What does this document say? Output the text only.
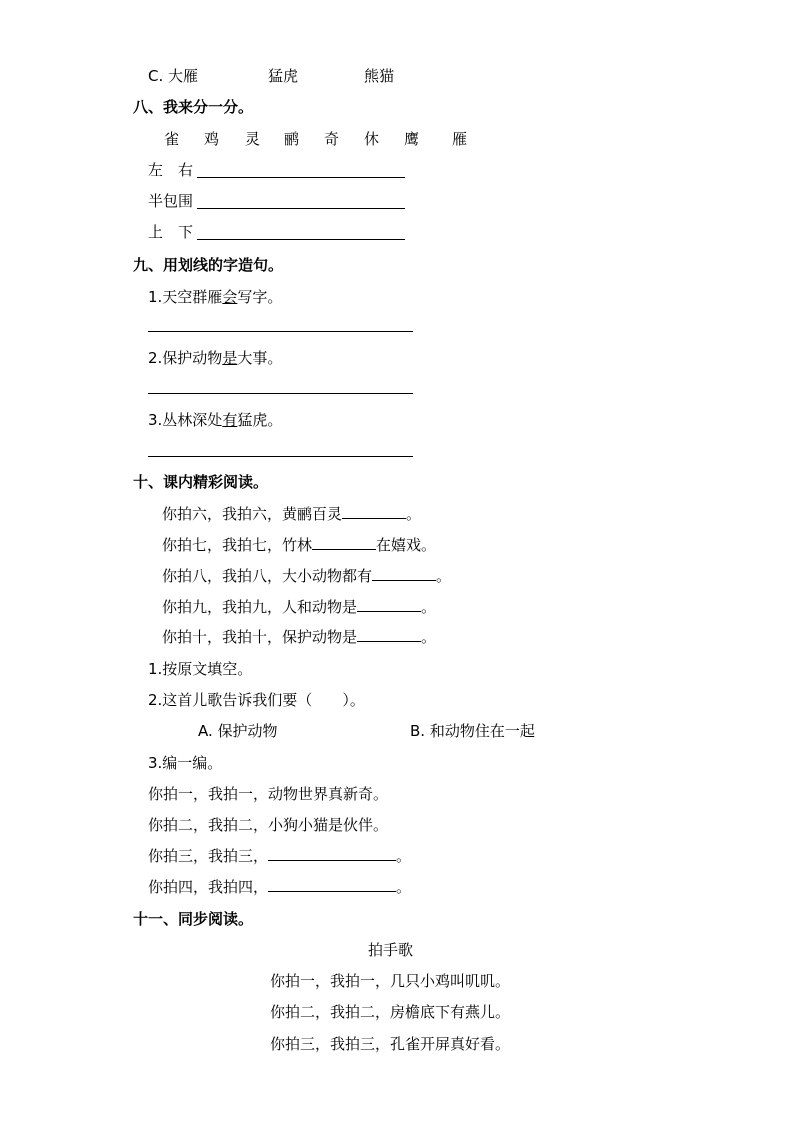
C. 大雁	猛虎	熊猫
八、我来分一分。
雀 鸡 灵 鹂 奇 休 鹰 雁
左　右
半包围
上　下
九、用划线的字造句。
1.天空群雁会写字。
2.保护动物是大事。
3.丛林深处有猛虎。
十、课内精彩阅读。
你拍六，我拍六，黄鹂百灵	。
你拍七，我拍七，竹林	在嬉戏。
你拍八，我拍八，大小动物都有	。
你拍九，我拍九，人和动物是	。
你拍十，我拍十，保护动物是	。
1.按原文填空。
2.这首儿歌告诉我们要（　　）。
A. 保护动物	B. 和动物住在一起
3.编一编。
你拍一，我拍一，动物世界真新奇。
你拍二，我拍二，小狗小猫是伙伴。
你拍三，我拍三，	。
你拍四，我拍四，	。
十一、同步阅读。
拍手歌
你拍一，我拍一，几只小鸡叫叽叽。
你拍二，我拍二，房檐底下有燕儿。
你拍三，我拍三，孔雀开屏真好看。
